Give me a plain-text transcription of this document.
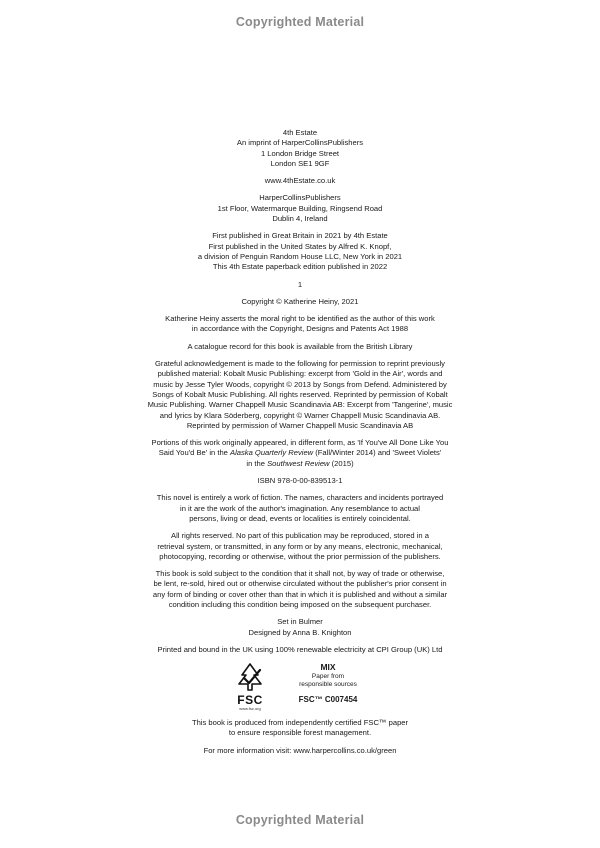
Copyrighted Material
4th Estate
An imprint of HarperCollinsPublishers
1 London Bridge Street
London SE1 9GF
www.4thEstate.co.uk
HarperCollinsPublishers
1st Floor, Watermarque Building, Ringsend Road
Dublin 4, Ireland
First published in Great Britain in 2021 by 4th Estate
First published in the United States by Alfred K. Knopf,
a division of Penguin Random House LLC, New York in 2021
This 4th Estate paperback edition published in 2022
1
Copyright © Katherine Heiny, 2021
Katherine Heiny asserts the moral right to be identified as the author of this work
in accordance with the Copyright, Designs and Patents Act 1988
A catalogue record for this book is available from the British Library
Grateful acknowledgement is made to the following for permission to reprint previously
published material: Kobalt Music Publishing: excerpt from 'Gold in the Air', words and
music by Jesse Tyler Woods, copyright © 2013 by Songs from Defend. Administered by
Songs of Kobalt Music Publishing. All rights reserved. Reprinted by permission of Kobalt
Music Publishing. Warner Chappell Music Scandinavia AB: Excerpt from 'Tangerine', music
and lyrics by Klara Söderberg, copyright © Warner Chappell Music Scandinavia AB.
Reprinted by permission of Warner Chappell Music Scandinavia AB
Portions of this work originally appeared, in different form, as 'If You've All Done Like You
Said You'd Be' in the Alaska Quarterly Review (Fall/Winter 2014) and 'Sweet Violets'
in the Southwest Review (2015)
ISBN 978-0-00-839513-1
This novel is entirely a work of fiction. The names, characters and incidents portrayed
in it are the work of the author's imagination. Any resemblance to actual
persons, living or dead, events or localities is entirely coincidental.
All rights reserved. No part of this publication may be reproduced, stored in a
retrieval system, or transmitted, in any form or by any means, electronic, mechanical,
photocopying, recording or otherwise, without the prior permission of the publishers.
This book is sold subject to the condition that it shall not, by way of trade or otherwise,
be lent, re-sold, hired out or otherwise circulated without the publisher's prior consent in
any form of binding or cover other than that in which it is published and without a similar
condition including this condition being imposed on the subsequent purchaser.
Set in Bulmer
Designed by Anna B. Knighton
Printed and bound in the UK using 100% renewable electricity at CPI Group (UK) Ltd
FSC
www.fsc.org
MIX
Paper from
responsible sources
FSC™ C007454
This book is produced from independently certified FSC™ paper
to ensure responsible forest management.
For more information visit: www.harpercollins.co.uk/green
Copyrighted Material
